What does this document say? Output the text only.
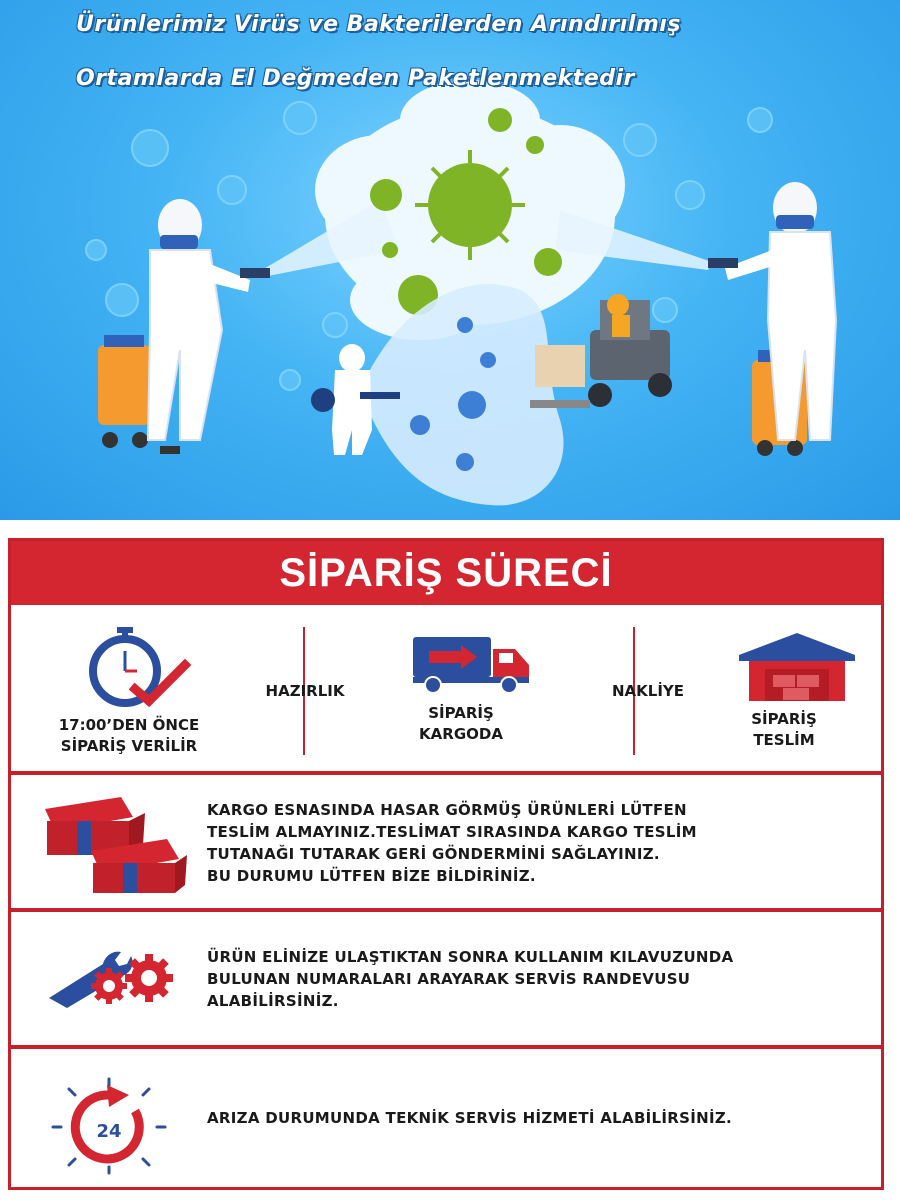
Ürünlerimiz Virüs ve Bakterilerden Arındırılmış
Ortamlarda El Değmeden Paketlenmektedir
SİPARİŞ SÜRECİ
17:00’DEN ÖNCE
SİPARİŞ VERİLİR
HAZIRLIK
SİPARİŞ
KARGODA
NAKLİYE
SİPARİŞ
TESLİM
KARGO ESNASINDA HASAR GÖRMÜŞ ÜRÜNLERİ LÜTFEN
TESLİM ALMAYINIZ.TESLİMAT SIRASINDA KARGO TESLİM
TUTANAĞI TUTARAK GERİ GÖNDERMİNİ SAĞLAYINIZ.
BU DURUMU LÜTFEN BİZE BİLDİRİNİZ.
ÜRÜN ELİNİZE ULAŞTIKTAN SONRA KULLANIM KILAVUZUNDA
BULUNAN NUMARALARI ARAYARAK SERVİS RANDEVUSU
ALABİLİRSİNİZ.
24
ARIZA DURUMUNDA TEKNİK SERVİS HİZMETİ ALABİLİRSİNİZ.
